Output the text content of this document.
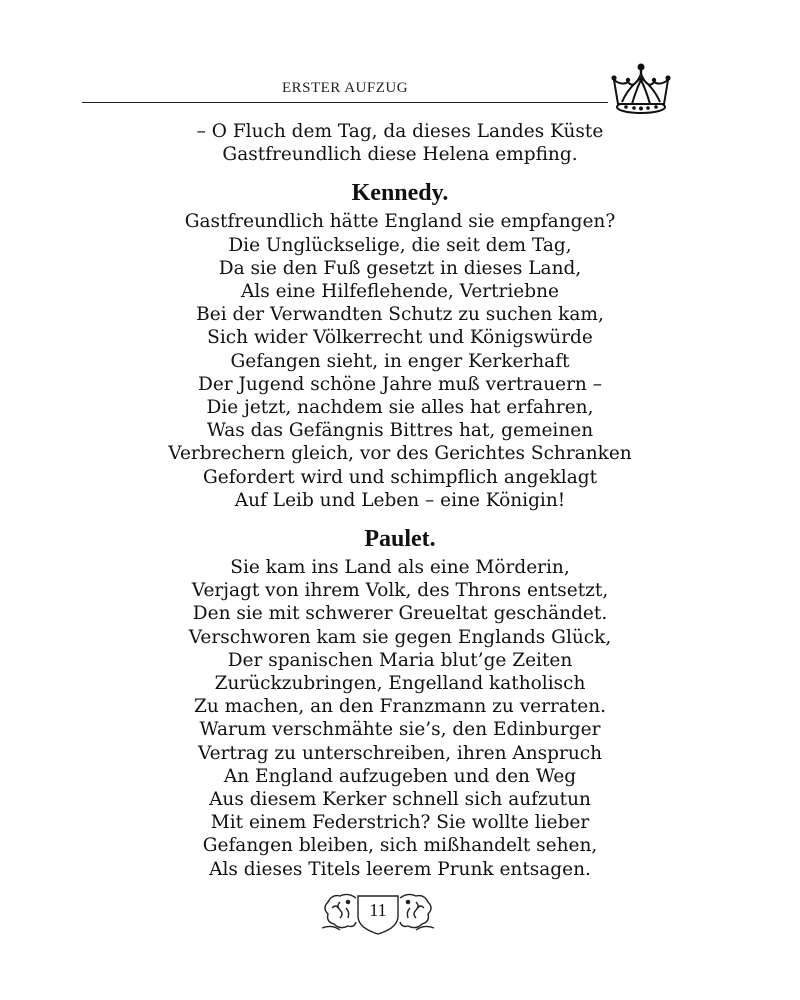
ERSTER AUFZUG
– O Fluch dem Tag, da dieses Landes Küste
Gastfreundlich diese Helena empfing.
Kennedy.
Gastfreundlich hätte England sie empfangen?
Die Unglückselige, die seit dem Tag,
Da sie den Fuß gesetzt in dieses Land,
Als eine Hilfeflehende, Vertriebne
Bei der Verwandten Schutz zu suchen kam,
Sich wider Völkerrecht und Königswürde
Gefangen sieht, in enger Kerkerhaft
Der Jugend schöne Jahre muß vertrauern –
Die jetzt, nachdem sie alles hat erfahren,
Was das Gefängnis Bittres hat, gemeinen
Verbrechern gleich, vor des Gerichtes Schranken
Gefordert wird und schimpflich angeklagt
Auf Leib und Leben – eine Königin!
Paulet.
Sie kam ins Land als eine Mörderin,
Verjagt von ihrem Volk, des Throns entsetzt,
Den sie mit schwerer Greueltat geschändet.
Verschworen kam sie gegen Englands Glück,
Der spanischen Maria blut’ge Zeiten
Zurückzubringen, Engelland katholisch
Zu machen, an den Franzmann zu verraten.
Warum verschmähte sie’s, den Edinburger
Vertrag zu unterschreiben, ihren Anspruch
An England aufzugeben und den Weg
Aus diesem Kerker schnell sich aufzutun
Mit einem Federstrich? Sie wollte lieber
Gefangen bleiben, sich mißhandelt sehen,
Als dieses Titels leerem Prunk entsagen.
11
